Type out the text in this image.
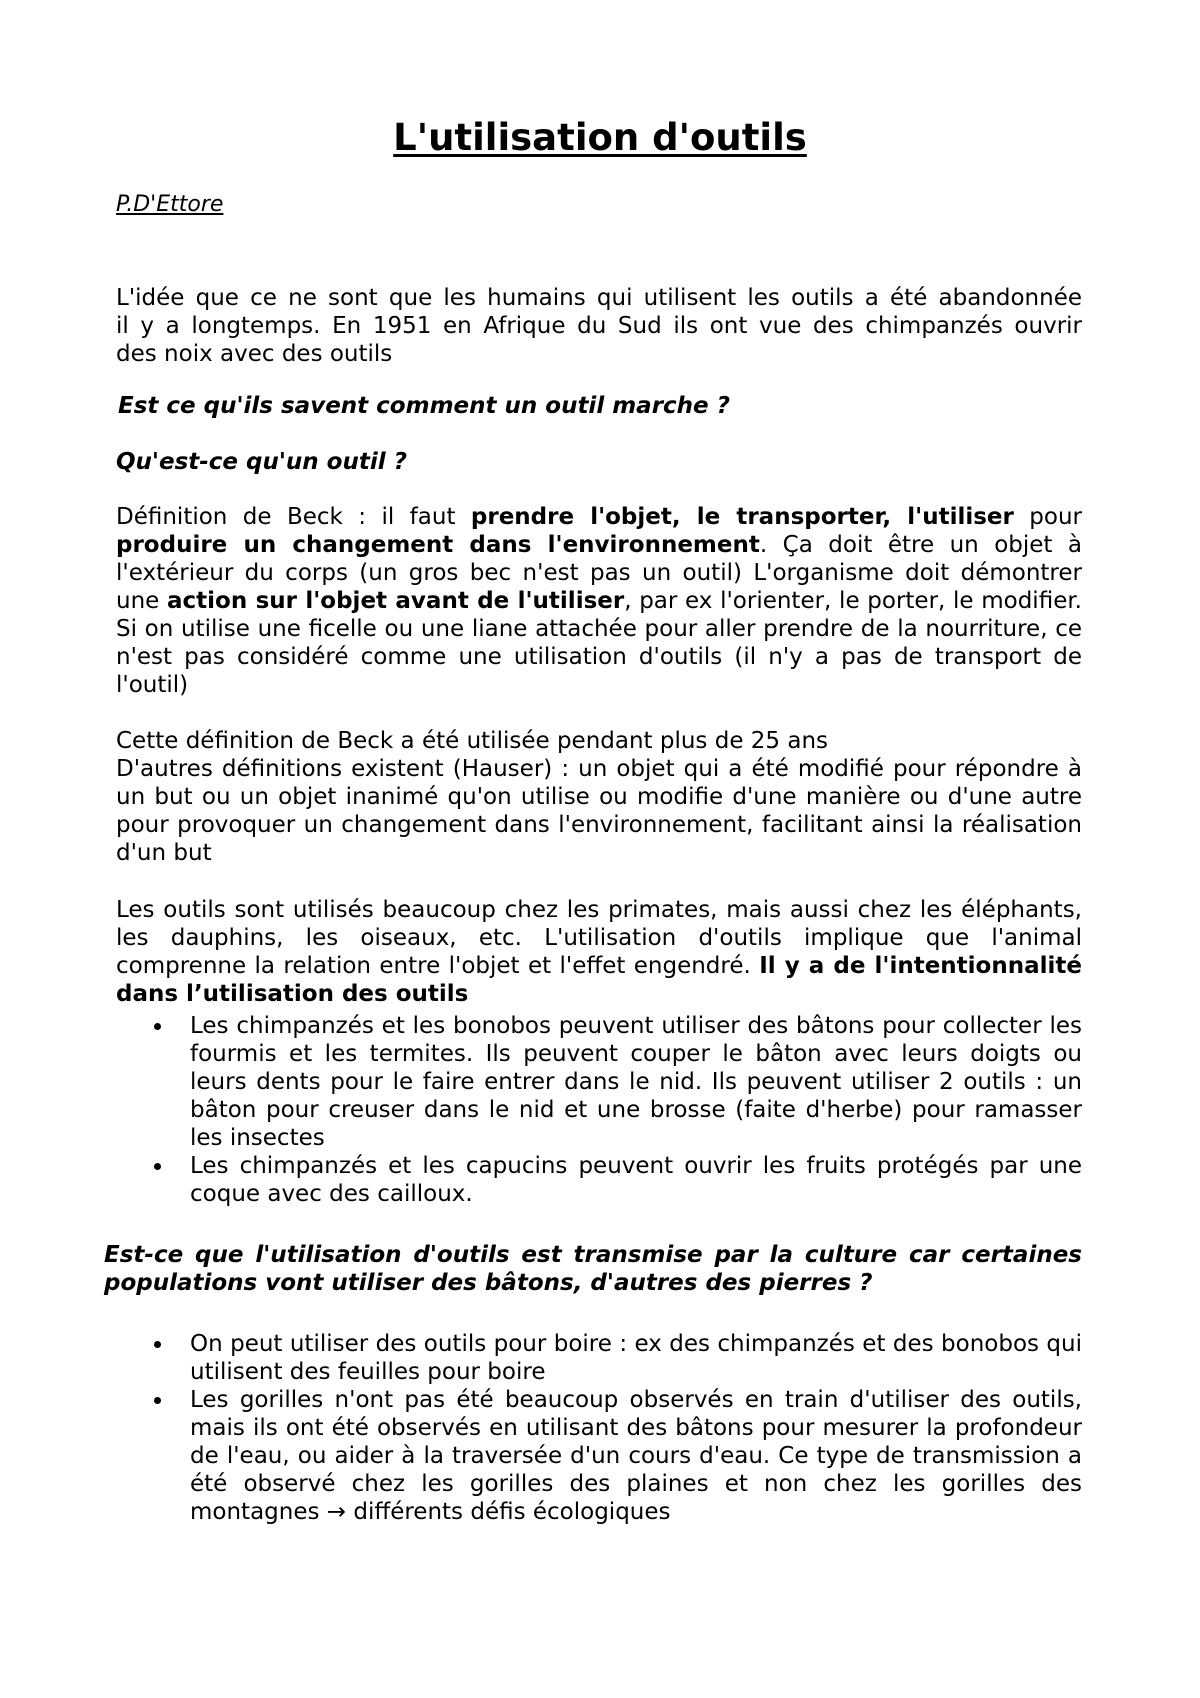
L'utilisation d'outils
P.D'Ettore
L'idée que ce ne sont que les humains qui utilisent les outils a été abandonnée
il y a longtemps. En 1951 en Afrique du Sud ils ont vue des chimpanzés ouvrir
des noix avec des outils
Est ce qu'ils savent comment un outil marche ?
Qu'est-ce qu'un outil ?

Définition de Beck : il faut prendre l'objet, le transporter, l'utiliser pour produire un changement dans l'environnement. Ça doit être un objet à l'extérieur du corps (un gros bec n'est pas un outil) L'organisme doit démontrer une action sur l'objet avant de l'utiliser, par ex l'orienter, le porter, le modifier. Si on utilise une ficelle ou une liane attachée pour aller prendre de la nourriture, ce n'est pas considéré comme une utilisation d'outils (il n'y a pas de transport de l'outil)

Cette définition de Beck a été utilisée pendant plus de 25 ans

D'autres définitions existent (Hauser) : un objet qui a été modifié pour répondre à un but ou un objet inanimé qu'on utilise ou modifie d'une manière ou d'une autre pour provoquer un changement dans l'environnement, facilitant ainsi la réalisation d'un but

Les outils sont utilisés beaucoup chez les primates, mais aussi chez les éléphants, les dauphins, les oiseaux, etc. L'utilisation d'outils implique que l'animal comprenne la relation entre l'objet et l'effet engendré. Il y a de l'intentionnalité dans l’utilisation des outils

Les chimpanzés et les bonobos peuvent utiliser des bâtons pour collecter les fourmis et les termites. Ils peuvent couper le bâton avec leurs doigts ou leurs dents pour le faire entrer dans le nid. Ils peuvent utiliser 2 outils : un bâton pour creuser dans le nid et une brosse (faite d'herbe) pour ramasser les insectes
Les chimpanzés et les capucins peuvent ouvrir les fruits protégés par une coque avec des cailloux.

Est-ce que l'utilisation d'outils est transmise par la culture car certaines populations vont utiliser des bâtons, d'autres des pierres ?

On peut utiliser des outils pour boire : ex des chimpanzés et des bonobos qui utilisent des feuilles pour boire
Les gorilles n'ont pas été beaucoup observés en train d'utiliser des outils, mais ils ont été observés en utilisant des bâtons pour mesurer la profondeur de l'eau, ou aider à la traversée d'un cours d'eau. Ce type de transmission a été observé chez les gorilles des plaines et non chez les gorilles des montagnes → différents défis écologiques
